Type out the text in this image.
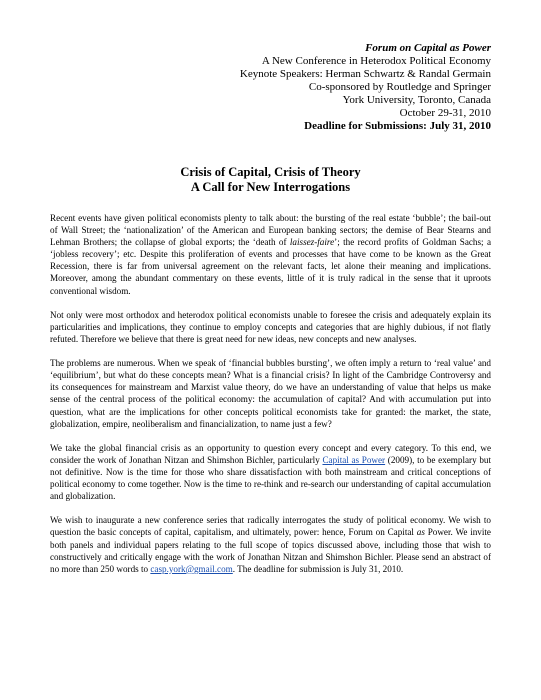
Forum on Capital as Power
A New Conference in Heterodox Political Economy
Keynote Speakers: Herman Schwartz & Randal Germain
Co-sponsored by Routledge and Springer
York University, Toronto, Canada
October 29-31, 2010
Deadline for Submissions: July 31, 2010
Crisis of Capital, Crisis of Theory
A Call for New Interrogations

Recent events have given political economists plenty to talk about: the bursting of the real estate ‘bubble’; the bail-out of Wall Street; the ‘nationalization’ of the American and European banking sectors; the demise of Bear Stearns and Lehman Brothers; the collapse of global exports; the ‘death of laissez-faire’; the record profits of Goldman Sachs; a ‘jobless recovery’; etc. Despite this proliferation of events and processes that have come to be known as the Great Recession, there is far from universal agreement on the relevant facts, let alone their meaning and implications. Moreover, among the abundant commentary on these events, little of it is truly radical in the sense that it uproots conventional wisdom.

Not only were most orthodox and heterodox political economists unable to foresee the crisis and adequately explain its particularities and implications, they continue to employ concepts and categories that are highly dubious, if not flatly refuted. Therefore we believe that there is great need for new ideas, new concepts and new analyses.

The problems are numerous. When we speak of ‘financial bubbles bursting’, we often imply a return to ‘real value’ and ‘equilibrium’, but what do these concepts mean? What is a financial crisis? In light of the Cambridge Controversy and its consequences for mainstream and Marxist value theory, do we have an understanding of value that helps us make sense of the central process of the political economy: the accumulation of capital? And with accumulation put into question, what are the implications for other concepts political economists take for granted: the market, the state, globalization, empire, neoliberalism and financialization, to name just a few?

We take the global financial crisis as an opportunity to question every concept and every category. To this end, we consider the work of Jonathan Nitzan and Shimshon Bichler, particularly Capital as Power (2009), to be exemplary but not definitive. Now is the time for those who share dissatisfaction with both mainstream and critical conceptions of political economy to come together. Now is the time to re-think and re-search our understanding of capital accumulation and globalization.

We wish to inaugurate a new conference series that radically interrogates the study of political economy. We wish to question the basic concepts of capital, capitalism, and ultimately, power: hence, Forum on Capital as Power. We invite both panels and individual papers relating to the full scope of topics discussed above, including those that wish to constructively and critically engage with the work of Jonathan Nitzan and Shimshon Bichler. Please send an abstract of no more than 250 words to casp.york@gmail.com. The deadline for submission is July 31, 2010.
